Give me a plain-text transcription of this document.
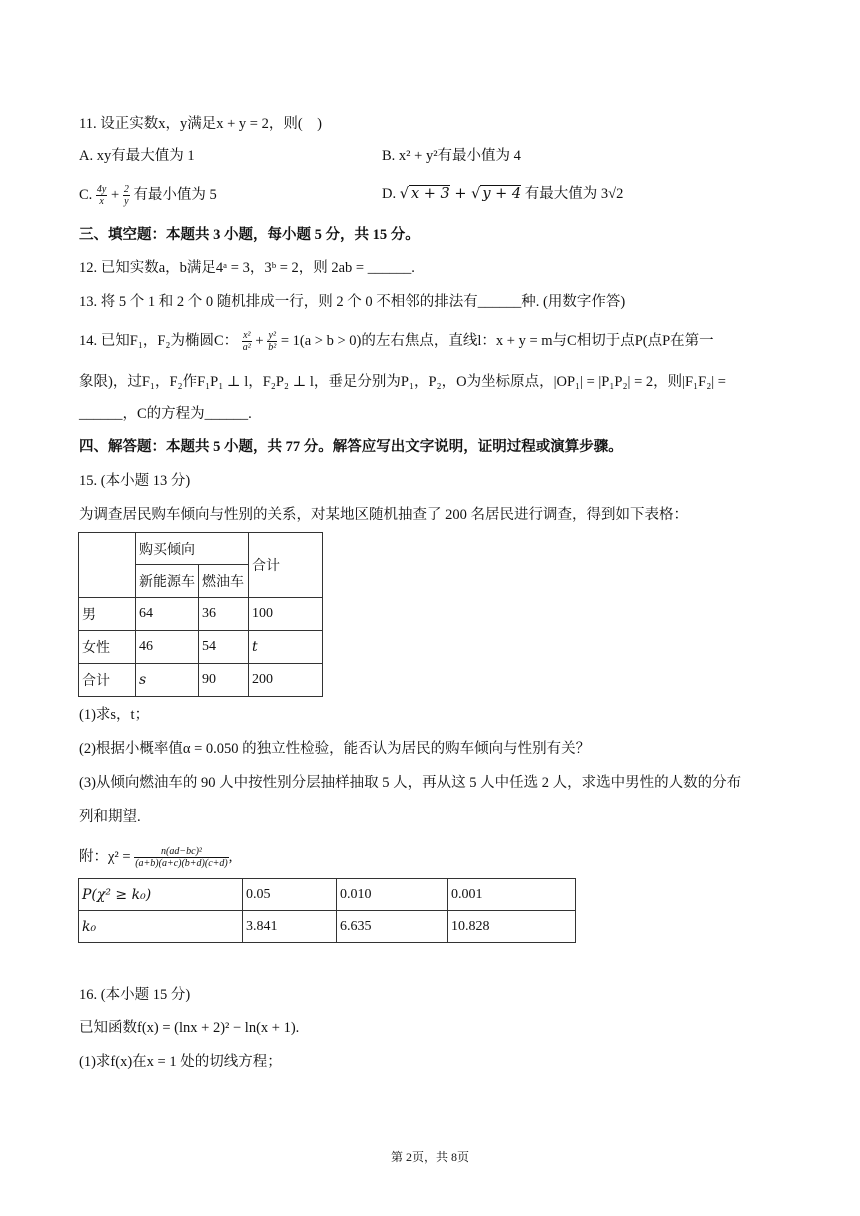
11. 设正实数x，y满足x + y = 2，则(　)
A. xy有最大值为 1	B. x² + y²有最小值为 4
C. $\frac{4y}{x} + \frac{2}{y}$ 有最小值为 5	D. √ x + 3 + √ y + 4 有最大值为 3√2
三、填空题：本题共 3 小题，每小题 5 分，共 15 分。
12. 已知实数a，b满足4ᵃ = 3，3ᵇ = 2，则 2ab = ______.
13. 将 5 个 1 和 2 个 0 随机排成一行，则 2 个 0 不相邻的排法有______种. (用数字作答)
14. 已知F₁，F₂为椭圆C： $\frac{\text{x²}}{\text{a²}} + \frac{\text{y²}}{\text{b²}} = 1(a > b > 0)$的左右焦点，直线l：x + y = m与C相切于点P(点P在第一
象限)，过F₁，F₂作F₁P₁ ⊥ l，F₂P₂ ⊥ l，垂足分别为P₁，P₂，O为坐标原点，|OP₁| = |P₁P₂| = 2，则|F₁F₂| =
______，C的方程为______.
四、解答题：本题共 5 小题，共 77 分。解答应写出文字说明，证明过程或演算步骤。
15. (本小题 13 分)
为调查居民购车倾向与性别的关系，对某地区随机抽查了 200 名居民进行调查，得到如下表格：
	购买倾向		合计
	新能源车	燃油车	
男	64	36	100
女性	46	54	t
合计	s	90	200
(1)求s，t；
(2)根据小概率值α = 0.050 的独立性检验，能否认为居民的购车倾向与性别有关？
(3)从倾向燃油车的 90 人中按性别分层抽样抽取 5 人，再从这 5 人中任选 2 人，求选中男性的人数的分布
列和期望.
附：$\chi^2 = \frac{\text{n(ad−bc)²}}{(a+b)(a+c)(b+d)(c+d)}$ ,
P(χ² ≥ k₀)	0.05	0.010	0.001
k₀	3.841	6.635	10.828
16. (本小题 15 分)
已知函数f(x) = (lnx + 2)² − ln(x + 1).
(1)求f(x)在x = 1 处的切线方程；
第 2页，共 8页
